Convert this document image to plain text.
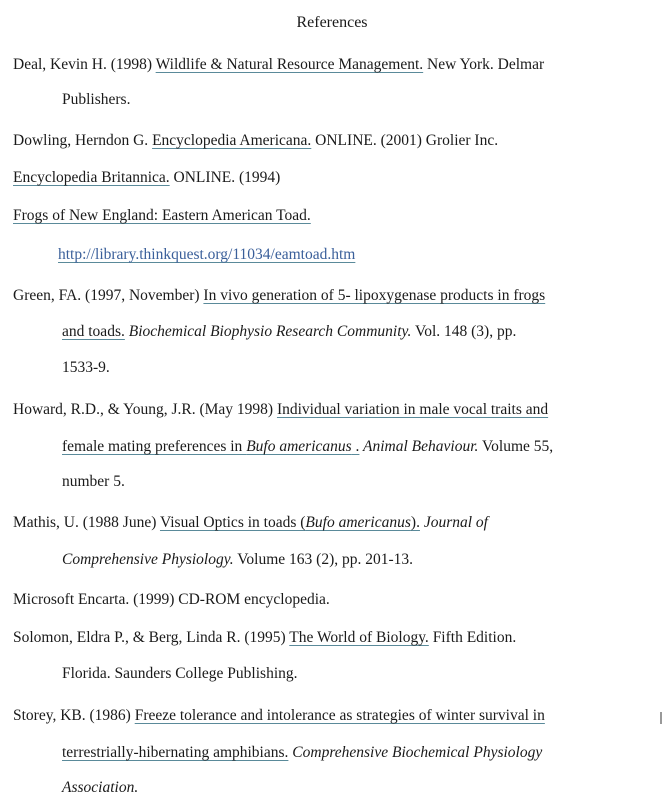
References
Deal, Kevin H. (1998) Wildlife & Natural Resource Management. New York. Delmar
Publishers.
Dowling, Herndon G. Encyclopedia Americana. ONLINE. (2001) Grolier Inc.
Encyclopedia Britannica. ONLINE. (1994)
Frogs of New England: Eastern American Toad.
http://library.thinkquest.org/11034/eamtoad.htm
Green, FA. (1997, November) In vivo generation of 5- lipoxygenase products in frogs
and toads. Biochemical Biophysio Research Community. Vol. 148 (3), pp.
1533-9.
Howard, R.D., & Young, J.R. (May 1998) Individual variation in male vocal traits and
female mating preferences in Bufo americanus . Animal Behaviour. Volume 55,
number 5.
Mathis, U. (1988 June) Visual Optics in toads (Bufo americanus). Journal of
Comprehensive Physiology. Volume 163 (2), pp. 201-13.
Microsoft Encarta. (1999) CD-ROM encyclopedia.
Solomon, Eldra P., & Berg, Linda R. (1995) The World of Biology. Fifth Edition.
Florida. Saunders College Publishing.
Storey, KB. (1986) Freeze tolerance and intolerance as strategies of winter survival in
terrestrially-hibernating amphibians. Comprehensive Biochemical Physiology
Association.
